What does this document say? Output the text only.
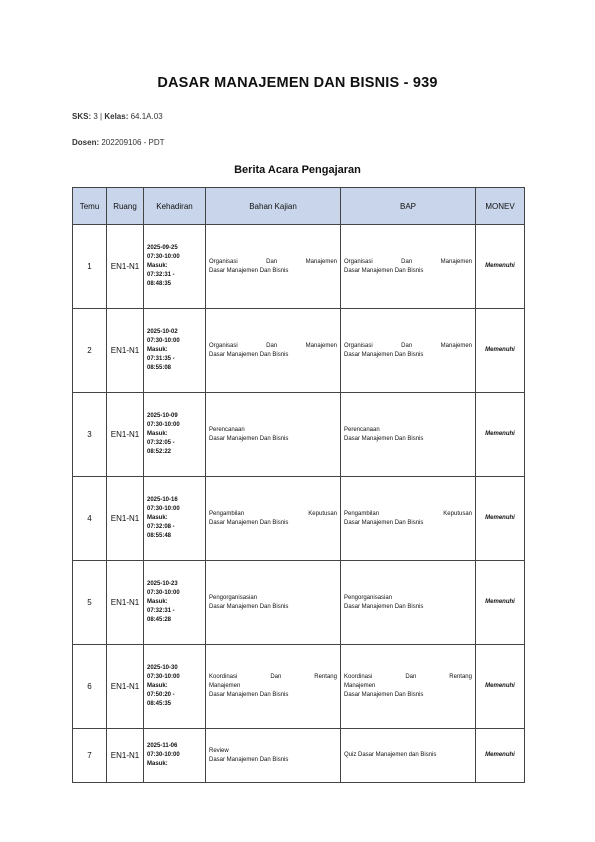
DASAR MANAJEMEN DAN BISNIS - 939
SKS: 3 | Kelas: 64.1A.03
Dosen: 202209106 - PDT
Berita Acara Pengajaran
Temu	Ruang	Kehadiran	Bahan Kajian	BAP	MONEV
1	EN1-N1	2025-09-25
07:30-10:00
Masuk:
07:32:31 -
08:48:35	Organisasi Dan Manajemen
Dasar Manajemen Dan Bisnis	Organisasi Dan Manajemen
Dasar Manajemen Dan Bisnis	Memenuhi
2	EN1-N1	2025-10-02
07:30-10:00
Masuk:
07:31:35 -
08:55:08	Organisasi Dan Manajemen
Dasar Manajemen Dan Bisnis	Organisasi Dan Manajemen
Dasar Manajemen Dan Bisnis	Memenuhi
3	EN1-N1	2025-10-09
07:30-10:00
Masuk:
07:32:05 -
08:52:22	Perencanaan
Dasar Manajemen Dan Bisnis	Perencanaan
Dasar Manajemen Dan Bisnis	Memenuhi
4	EN1-N1	2025-10-16
07:30-10:00
Masuk:
07:32:08 -
08:55:48	Pengambilan Keputusan
Dasar Manajemen Dan Bisnis	Pengambilan Keputusan
Dasar Manajemen Dan Bisnis	Memenuhi
5	EN1-N1	2025-10-23
07:30-10:00
Masuk:
07:32:31 -
08:45:28	Pengorganisasian
Dasar Manajemen Dan Bisnis	Pengorganisasian
Dasar Manajemen Dan Bisnis	Memenuhi
6	EN1-N1	2025-10-30
07:30-10:00
Masuk:
07:50:20 -
08:45:35	Koordinasi Dan Rentang
Manajemen
Dasar Manajemen Dan Bisnis	Koordinasi Dan Rentang
Manajemen
Dasar Manajemen Dan Bisnis	Memenuhi
7	EN1-N1	2025-11-06
07:30-10:00
Masuk:	Review
Dasar Manajemen Dan Bisnis	Quiz Dasar Manajemen dan Bisnis	Memenuhi
